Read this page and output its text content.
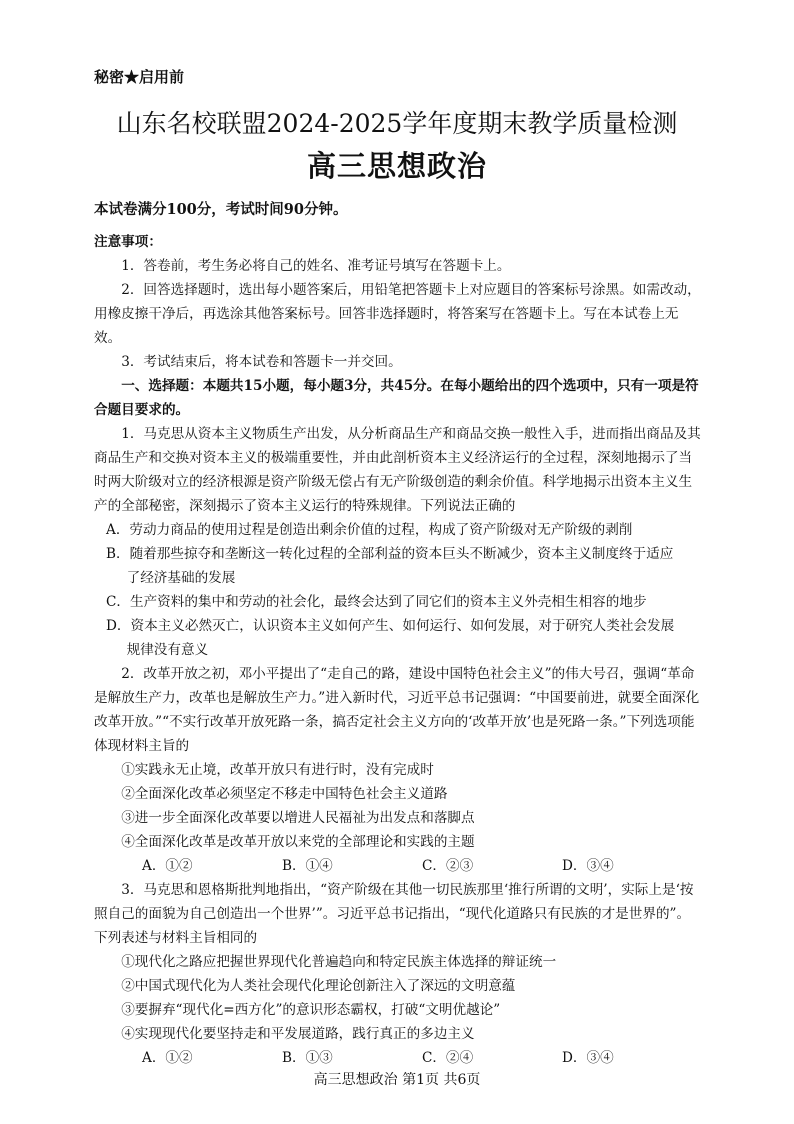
秘密★启用前
山东名校联盟2024-2025学年度期末教学质量检测
高三思想政治
本试卷满分100分，考试时间90分钟。

注意事项：

1．答卷前，考生务必将自己的姓名、准考证号填写在答题卡上。

2．回答选择题时，选出每小题答案后，用铅笔把答题卡上对应题目的答案标号涂黑。如需改动，用橡皮擦干净后，再选涂其他答案标号。回答非选择题时，将答案写在答题卡上。写在本试卷上无效。

3．考试结束后，将本试卷和答题卡一并交回。

一、选择题：本题共15小题，每小题3分，共45分。在每小题给出的四个选项中，只有一项是符合题目要求的。

1．马克思从资本主义物质生产出发，从分析商品生产和商品交换一般性入手，进而指出商品及其商品生产和交换对资本主义的极端重要性，并由此剖析资本主义经济运行的全过程，深刻地揭示了当时两大阶级对立的经济根源是资产阶级无偿占有无产阶级创造的剩余价值。科学地揭示出资本主义生产的全部秘密，深刻揭示了资本主义运行的特殊规律。下列说法正确的

A．劳动力商品的使用过程是创造出剩余价值的过程，构成了资产阶级对无产阶级的剥削

B．随着那些掠夺和垄断这一转化过程的全部利益的资本巨头不断减少，资本主义制度终于适应

了经济基础的发展

C．生产资料的集中和劳动的社会化，最终会达到了同它们的资本主义外壳相生相容的地步

D．资本主义必然灭亡，认识资本主义如何产生、如何运行、如何发展，对于研究人类社会发展

规律没有意义

2．改革开放之初，邓小平提出了“走自己的路，建设中国特色社会主义”的伟大号召，强调“革命是解放生产力，改革也是解放生产力。”进入新时代，习近平总书记强调：“中国要前进，就要全面深化改革开放。”“不实行改革开放死路一条，搞否定社会主义方向的‘改革开放’也是死路一条。”下列选项能体现材料主旨的

①实践永无止境，改革开放只有进行时，没有完成时

②全面深化改革必须坚定不移走中国特色社会主义道路

③进一步全面深化改革要以增进人民福祉为出发点和落脚点

④全面深化改革是改革开放以来党的全部理论和实践的主题

A．①②	B．①④	C．②③	D．③④

3．马克思和恩格斯批判地指出，“资产阶级在其他一切民族那里‘推行所谓的文明’，实际上是‘按照自己的面貌为自己创造出一个世界’”。习近平总书记指出，“现代化道路只有民族的才是世界的”。下列表述与材料主旨相同的

①现代化之路应把握世界现代化普遍趋向和特定民族主体选择的辩证统一

②中国式现代化为人类社会现代化理论创新注入了深远的文明意蕴

③要摒弃“现代化=西方化”的意识形态霸权，打破“文明优越论”

④实现现代化要坚持走和平发展道路，践行真正的多边主义

A．①②	B．①③	C．②④	D．③④

高三思想政治 第1页 共6页
